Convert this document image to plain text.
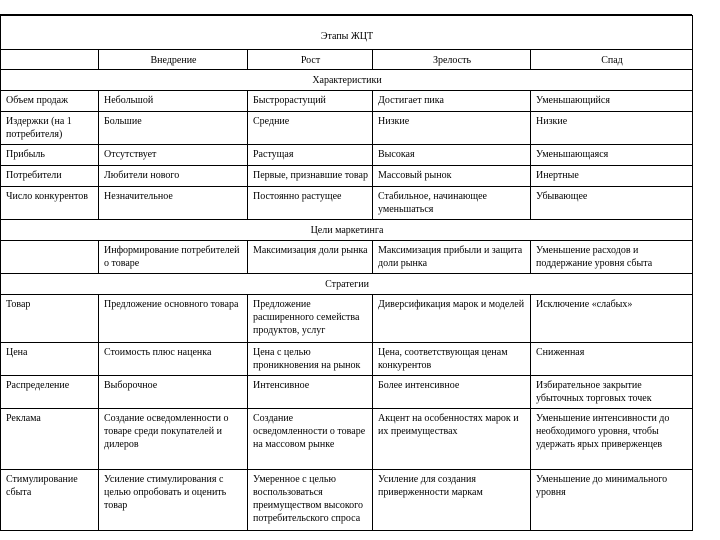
Этапы ЖЦТ				
	Внедрение	Рост	Зрелость	Спад
Характеристики				
Объем продаж	Небольшой	Быстрорастущий	Достигает пика	Уменьшающийся
Издержки (на 1 потребителя)	Большие	Средние	Низкие	Низкие
Прибыль	Отсутствует	Растущая	Высокая	Уменьшающаяся
Потребители	Любители нового	Первые, признавшие товар	Массовый рынок	Инертные
Число конкурентов	Незначительное	Постоянно растущее	Стабильное, начинающее уменьшаться	Убывающее
Цели маркетинга				
	Информирование потребителей о товаре	Максимизация доли рынка	Максимизация прибыли и защита доли рынка	Уменьшение расходов и поддержание уровня сбыта
Стратегии				
Товар	Предложение основного товара	Предложение расширенного семейства продуктов, услуг	Диверсификация марок и моделей	Исключение «слабых»
Цена	Стоимость плюс наценка	Цена с целью проникновения на рынок	Цена, соответствующая ценам конкурентов	Сниженная
Распределение	Выборочное	Интенсивное	Более интенсивное	Избирательное закрытие убыточных торговых точек
Реклама	Создание осведомленности о товаре среди покупателей и дилеров	Создание осведомленности о товаре на массовом рынке	Акцент на особенностях марок и их преимуществах	Уменьшение интенсивности до необходимого уровня, чтобы удержать ярых приверженцев
Стимулирование сбыта	Усиление стимулирования с целью опробовать и оценить товар	Умеренное с целью воспользоваться преимуществом высокого потребительского спроса	Усиление для создания приверженности маркам	Уменьшение до минимального уровня
